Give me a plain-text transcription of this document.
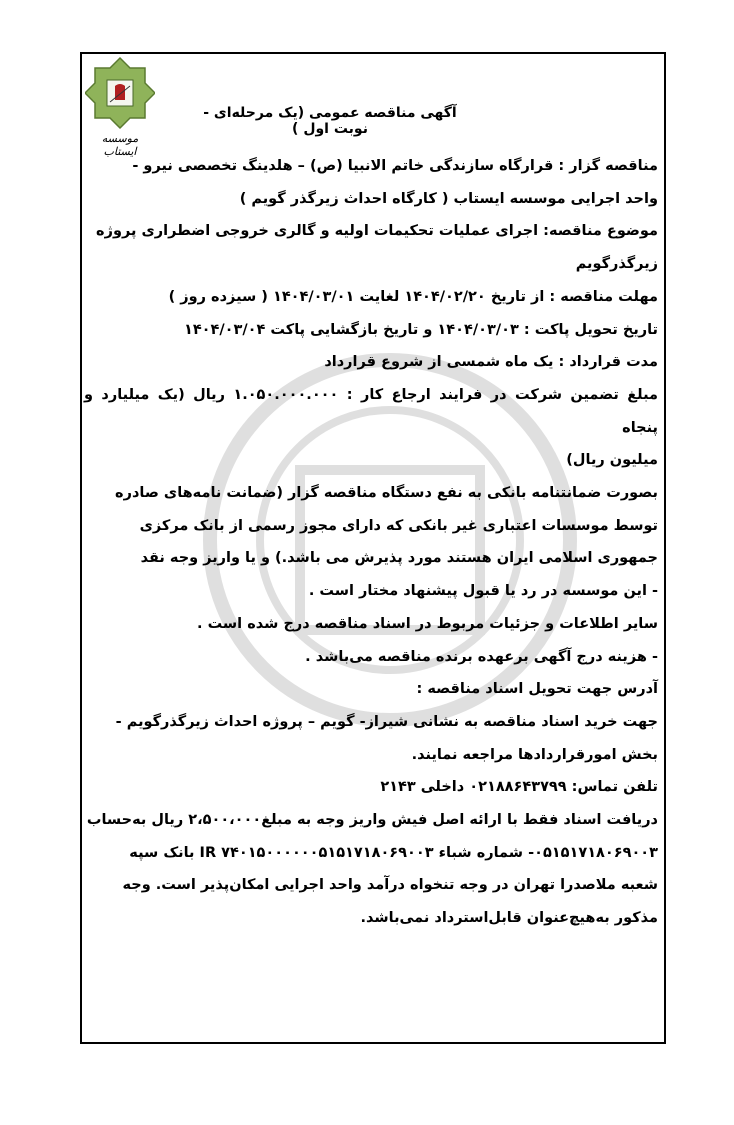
موسسه ایستاب
آگهی مناقصه عمومی (یک مرحله‌ای - نوبت اول )

مناقصه گزار : قرارگاه سازندگی خاتم الانبیا (ص) – هلدینگ تخصصی نیرو -

واحد اجرایی موسسه ایستاب ( کارگاه احداث زیرگذر گویم )

موضوع مناقصه: اجرای عملیات تحکیمات اولیه و گالری خروجی اضطراری پروژه

زیرگذرگویم

مهلت مناقصه : از تاریخ ۱۴۰۴/۰۲/۲۰ لغایت ۱۴۰۴/۰۳/۰۱ ( سیزده روز )

تاریخ تحویل پاکت : ۱۴۰۴/۰۳/۰۳ و تاریخ بازگشایی پاکت ۱۴۰۴/۰۳/۰۴

مدت قرارداد : یک ماه شمسی از شروع قرارداد

مبلغ تضمین شرکت در فرایند ارجاع کار : ۱.۰۵۰.۰۰۰.۰۰۰ ریال (یک میلیارد و پنجاه

میلیون ریال)

بصورت ضمانتنامه بانکی به نفع دستگاه مناقصه گزار (ضمانت نامه‌های صادره

توسط موسسات اعتباری غیر بانکی که دارای مجوز رسمی از بانک مرکزی

جمهوری اسلامی ایران هستند مورد پذیرش می باشد.) و یا واریز وجه نقد

- این موسسه در رد یا قبول پیشنهاد مختار است .

سایر اطلاعات و جزئیات مربوط در اسناد مناقصه درج شده است .

- هزینه درج آگهی برعهده برنده مناقصه می‌باشد .

آدرس جهت تحویل اسناد مناقصه :

جهت خرید اسناد مناقصه به نشانی شیراز- گویم – پروژه احداث زیرگذرگویم -

بخش امورقراردادها مراجعه نمایند.

تلفن تماس: ۰۲۱۸۸۶۴۳۷۹۹ داخلی ۲۱۴۳

دریافت اسناد فقط با ارائه اصل فیش واریز وجه به مبلغ۲،۵۰۰،۰۰۰ ریال به‌حساب

۰۵۱۵۱۷۱۸۰۶۹۰۰۳- شماره شباء IR ۷۴۰۱۵۰۰۰۰۰۰۵۱۵۱۷۱۸۰۶۹۰۰۳ بانک سپه

شعبه ملاصدرا تهران در وجه تنخواه درآمد واحد اجرایی امکان‌پذیر است. وجه

مذکور به‌هیچ‌عنوان قابل‌استرداد نمی‌باشد.
